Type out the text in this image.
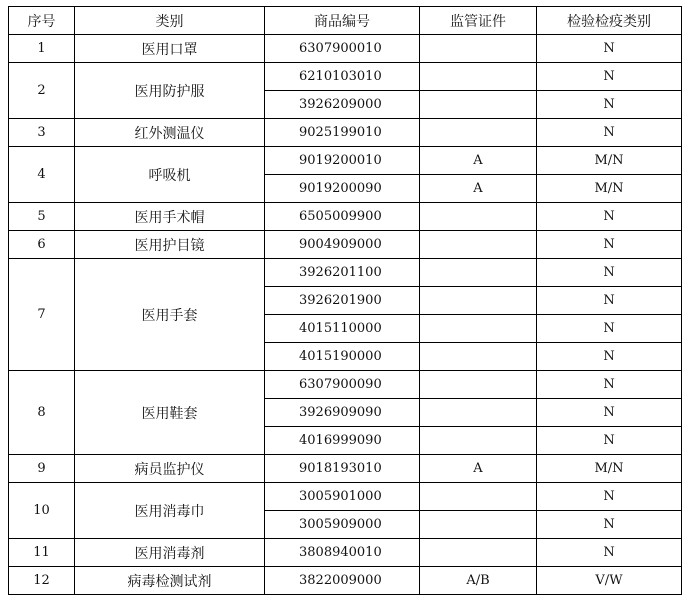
序号	类别	商品编号	监管证件	检验检疫类别
1	医用口罩	6307900010		N
2	医用防护服	6210103010		N
		3926209000		N
3	红外测温仪	9025199010		N
4	呼吸机	9019200010	A	M/N
		9019200090	A	M/N
5	医用手术帽	6505009900		N
6	医用护目镜	9004909000		N
7	医用手套	3926201100		N
		3926201900		N
		4015110000		N
		4015190000		N
8	医用鞋套	6307900090		N
		3926909090		N
		4016999090		N
9	病员监护仪	9018193010	A	M/N
10	医用消毒巾	3005901000		N
		3005909000		N
11	医用消毒剂	3808940010		N
12	病毒检测试剂	3822009000	A/B	V/W
